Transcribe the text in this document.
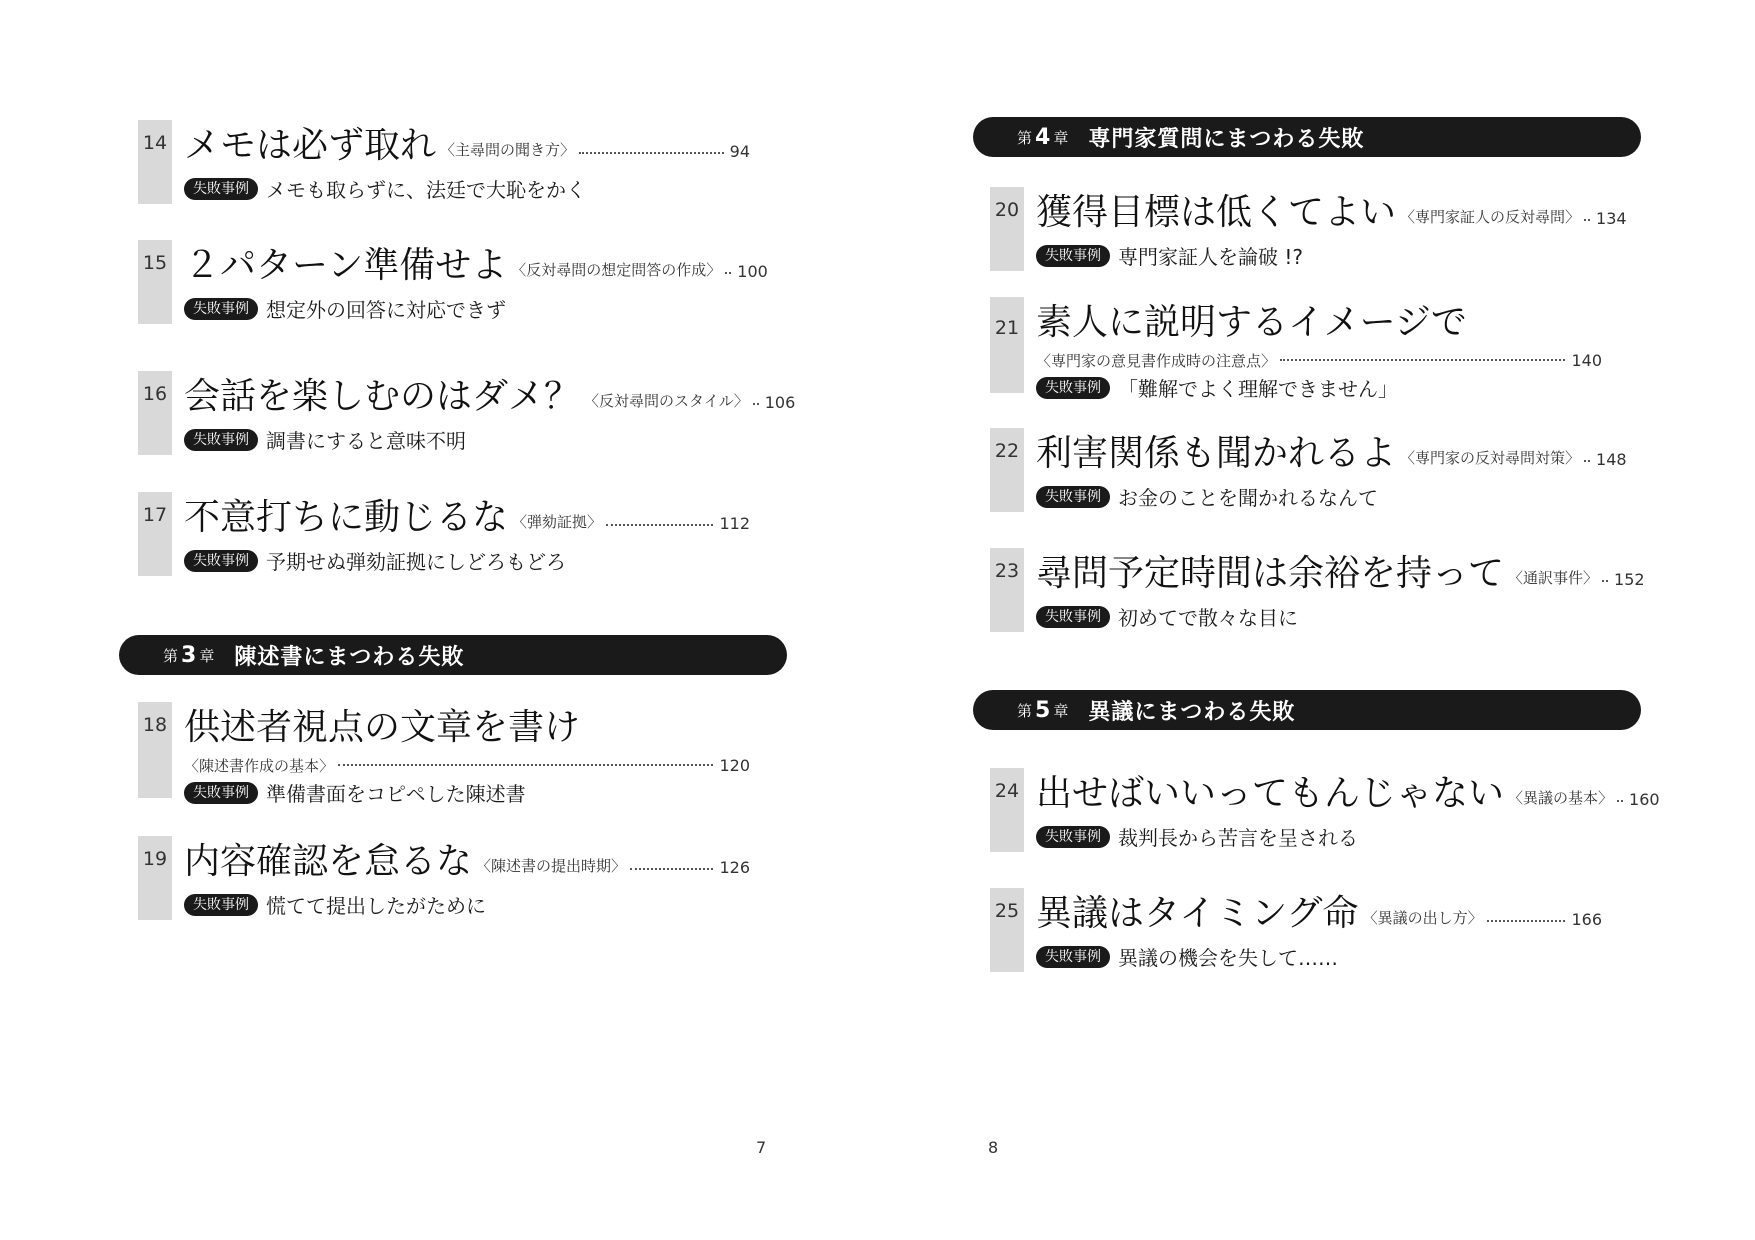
14 メモは必ず取れ 〈主尋問の聞き方〉	94
失敗事例 メモも取らずに、法廷で大恥をかく
15 ２パターン準備せよ 〈反対尋問の想定問答の作成〉 100
失敗事例 想定外の回答に対応できず
16 会話を楽しむのはダメ？ 〈反対尋問のスタイル〉 106
失敗事例 調書にすると意味不明
17 不意打ちに動じるな 〈弾劾証拠〉	112
失敗事例 予期せぬ弾劾証拠にしどろもどろ
第 3 章 陳述書にまつわる失敗
18 供述者視点の文章を書け
〈陳述書作成の基本〉	120
失敗事例 準備書面をコピペした陳述書
19 内容確認を怠るな 〈陳述書の提出時期〉	126
失敗事例 慌てて提出したがために
7
第 4 章 専門家質問にまつわる失敗
20 獲得目標は低くてよい 〈専門家証人の反対尋問〉 134
失敗事例 専門家証人を論破 !?
21 素人に説明するイメージで
〈専門家の意見書作成時の注意点〉	140
失敗事例 「難解でよく理解できません」
22 利害関係も聞かれるよ 〈専門家の反対尋問対策〉 148
失敗事例 お金のことを聞かれるなんて
23 尋問予定時間は余裕を持って 〈通訳事件〉 152
失敗事例 初めてで散々な目に
第 5 章 異議にまつわる失敗
24 出せばいいってもんじゃない 〈異議の基本〉 160
失敗事例 裁判長から苦言を呈される
25 異議はタイミング命 〈異議の出し方〉	166
失敗事例 異議の機会を失して……
8
